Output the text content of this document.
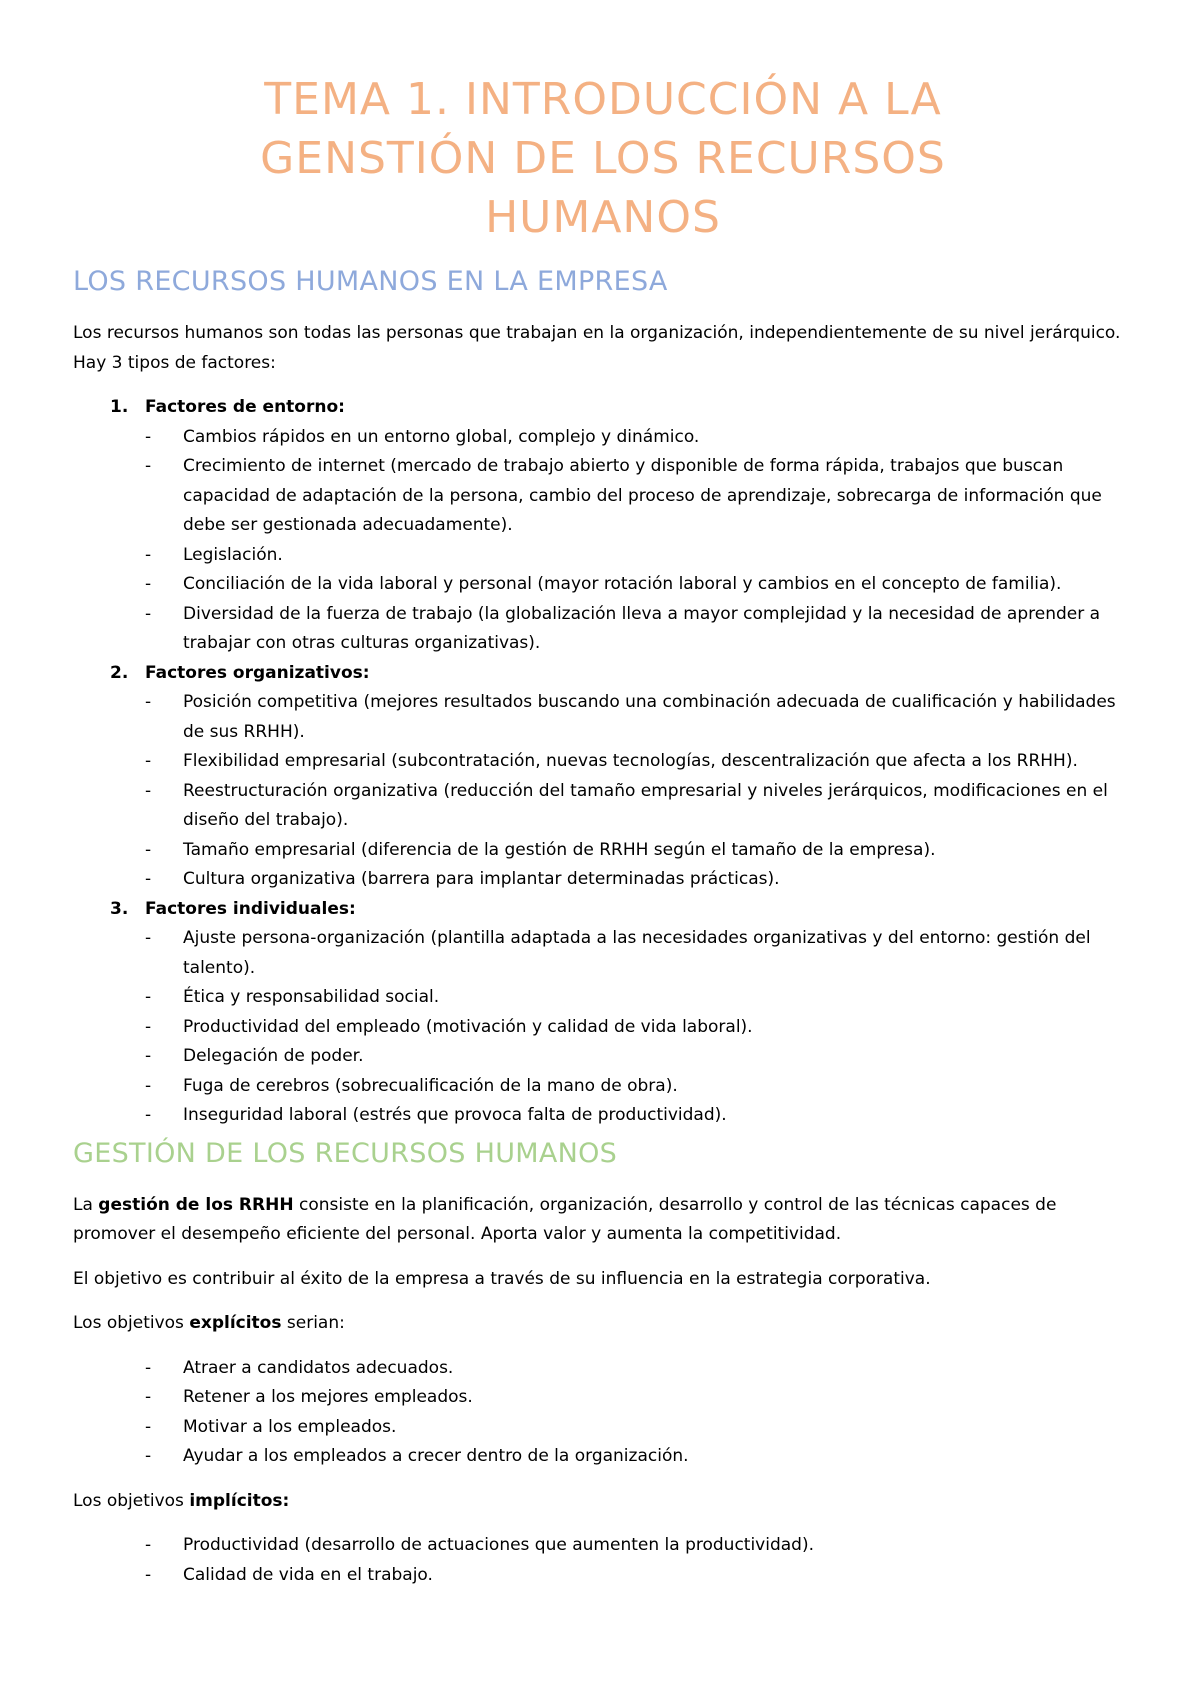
TEMA 1. INTRODUCCIÓN A LA
GENSTIÓN DE LOS RECURSOS
HUMANOS
LOS RECURSOS HUMANOS EN LA EMPRESA

Los recursos humanos son todas las personas que trabajan en la organización, independientemente de su nivel jerárquico. Hay 3 tipos de factores:

1. Factores de entorno:
- Cambios rápidos en un entorno global, complejo y dinámico.
- Crecimiento de internet (mercado de trabajo abierto y disponible de forma rápida, trabajos que buscan capacidad de adaptación de la persona, cambio del proceso de aprendizaje, sobrecarga de información que debe ser gestionada adecuadamente).
- Legislación.
- Conciliación de la vida laboral y personal (mayor rotación laboral y cambios en el concepto de familia).
- Diversidad de la fuerza de trabajo (la globalización lleva a mayor complejidad y la necesidad de aprender a trabajar con otras culturas organizativas).
2. Factores organizativos:
- Posición competitiva (mejores resultados buscando una combinación adecuada de cualificación y habilidades de sus RRHH).
- Flexibilidad empresarial (subcontratación, nuevas tecnologías, descentralización que afecta a los RRHH).
- Reestructuración organizativa (reducción del tamaño empresarial y niveles jerárquicos, modificaciones en el diseño del trabajo).
- Tamaño empresarial (diferencia de la gestión de RRHH según el tamaño de la empresa).
- Cultura organizativa (barrera para implantar determinadas prácticas).
3. Factores individuales:
- Ajuste persona-organización (plantilla adaptada a las necesidades organizativas y del entorno: gestión del talento).
- Ética y responsabilidad social.
- Productividad del empleado (motivación y calidad de vida laboral).
- Delegación de poder.
- Fuga de cerebros (sobrecualificación de la mano de obra).
- Inseguridad laboral (estrés que provoca falta de productividad).
GESTIÓN DE LOS RECURSOS HUMANOS

La gestión de los RRHH consiste en la planificación, organización, desarrollo y control de las técnicas capaces de promover el desempeño eficiente del personal. Aporta valor y aumenta la competitividad.

El objetivo es contribuir al éxito de la empresa a través de su influencia en la estrategia corporativa.

Los objetivos explícitos serian:

- Atraer a candidatos adecuados.
- Retener a los mejores empleados.
- Motivar a los empleados.
- Ayudar a los empleados a crecer dentro de la organización.

Los objetivos implícitos:

- Productividad (desarrollo de actuaciones que aumenten la productividad).
- Calidad de vida en el trabajo.
